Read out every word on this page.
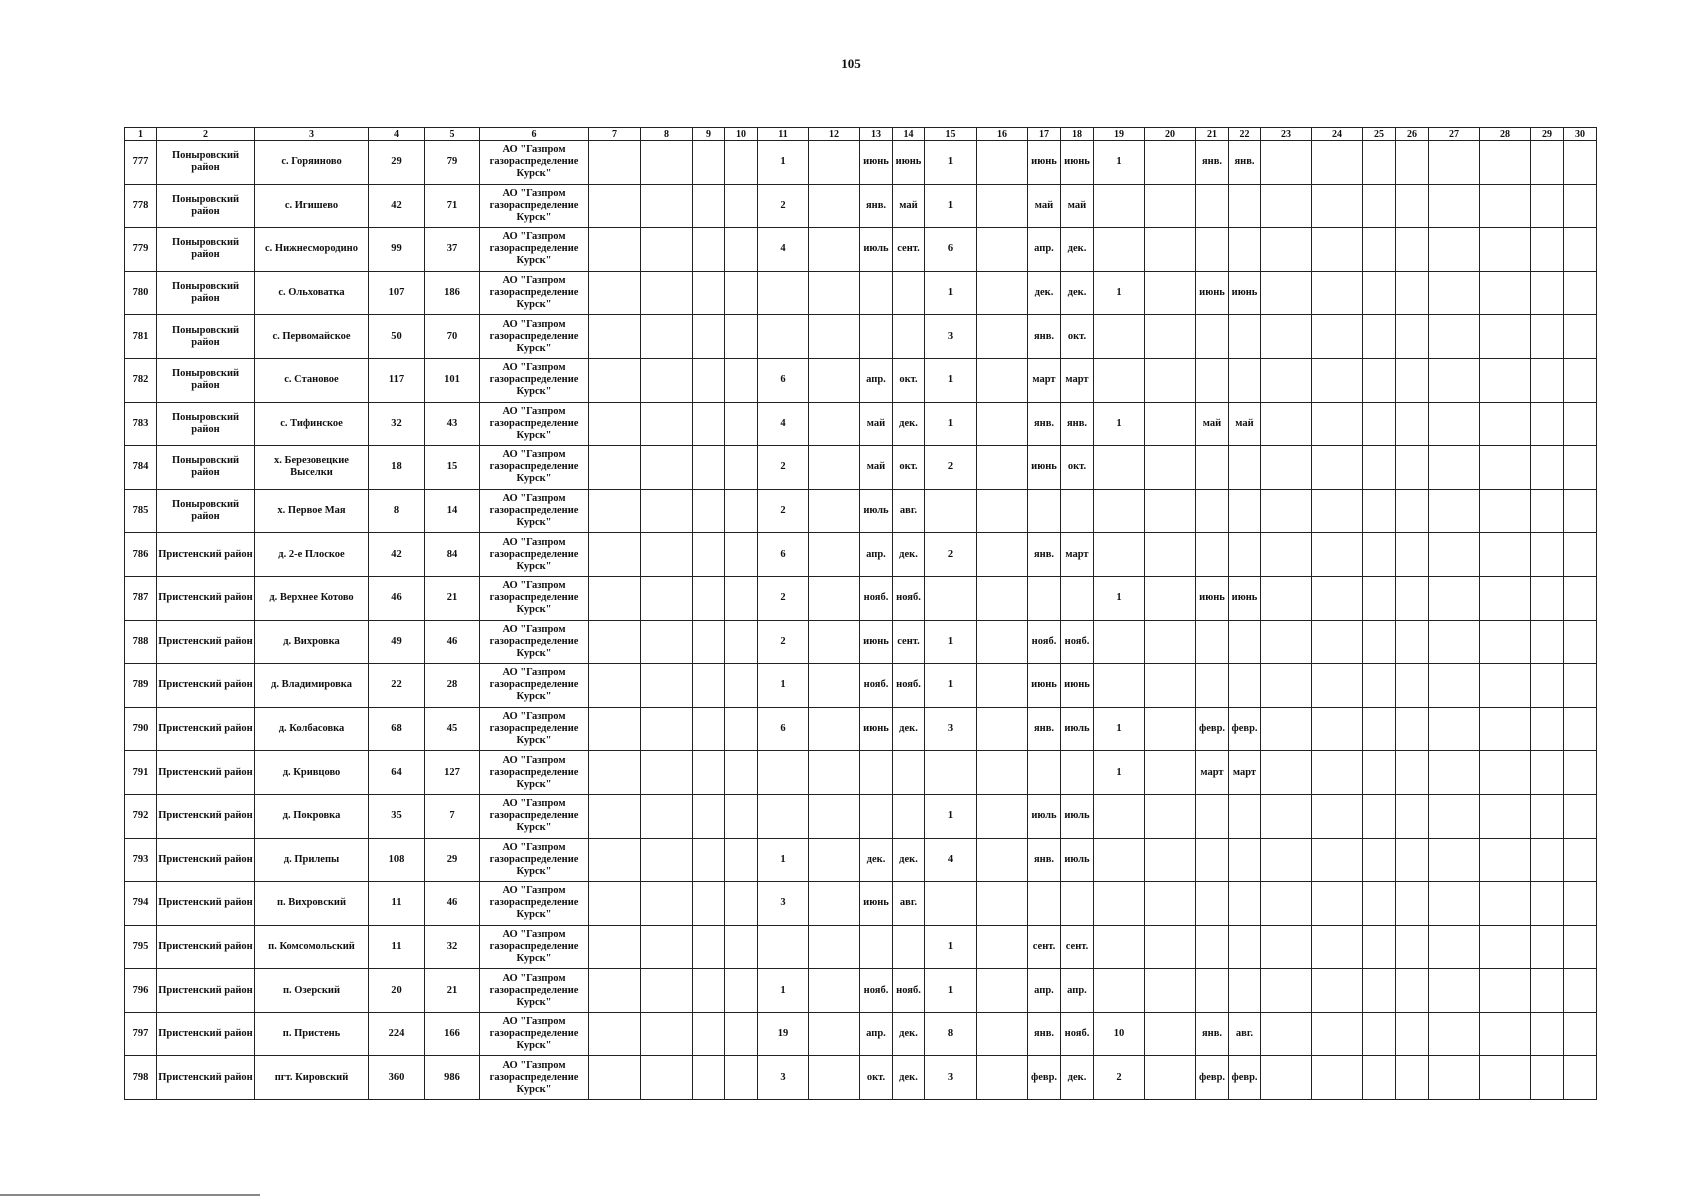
105
1	2	3	4	5	6	7	8	9	10	11	12	13	14	15	16	17	18	19	20	21	22	23	24	25	26	27	28	29	30
777	Поныровский район	с. Горяиново	29	79	АО "Газпром газораспределение Курск"					1		июнь	июнь	1		июнь	июнь	1		янв.	янв.								
778	Поныровский район	с. Игишево	42	71	АО "Газпром газораспределение Курск"					2		янв.	май	1		май	май												
779	Поныровский район	с. Нижнесмородино	99	37	АО "Газпром газораспределение Курск"					4		июль	сент.	6		апр.	дек.												
780	Поныровский район	с. Ольховатка	107	186	АО "Газпром газораспределение Курск"									1		дек.	дек.	1		июнь	июнь								
781	Поныровский район	с. Первомайское	50	70	АО "Газпром газораспределение Курск"									3		янв.	окт.												
782	Поныровский район	с. Становое	117	101	АО "Газпром газораспределение Курск"					6		апр.	окт.	1		март	март												
783	Поныровский район	с. Тифинское	32	43	АО "Газпром газораспределение Курск"					4		май	дек.	1		янв.	янв.	1		май	май								
784	Поныровский район	х. Березовецкие Выселки	18	15	АО "Газпром газораспределение Курск"					2		май	окт.	2		июнь	окт.												
785	Поныровский район	х. Первое Мая	8	14	АО "Газпром газораспределение Курск"					2		июль	авг.																
786	Пристенский район	д. 2-е Плоское	42	84	АО "Газпром газораспределение Курск"					6		апр.	дек.	2		янв.	март												
787	Пристенский район	д. Верхнее Котово	46	21	АО "Газпром газораспределение Курск"					2		нояб.	нояб.					1		июнь	июнь								
788	Пристенский район	д. Вихровка	49	46	АО "Газпром газораспределение Курск"					2		июнь	сент.	1		нояб.	нояб.												
789	Пристенский район	д. Владимировка	22	28	АО "Газпром газораспределение Курск"					1		нояб.	нояб.	1		июнь	июнь												
790	Пристенский район	д. Колбасовка	68	45	АО "Газпром газораспределение Курск"					6		июнь	дек.	3		янв.	июль	1		февр.	февр.								
791	Пристенский район	д. Кривцово	64	127	АО "Газпром газораспределение Курск"													1		март	март								
792	Пристенский район	д. Покровка	35	7	АО "Газпром газораспределение Курск"									1		июль	июль												
793	Пристенский район	д. Прилепы	108	29	АО "Газпром газораспределение Курск"					1		дек.	дек.	4		янв.	июль												
794	Пристенский район	п. Вихровский	11	46	АО "Газпром газораспределение Курск"					3		июнь	авг.																
795	Пристенский район	п. Комсомольский	11	32	АО "Газпром газораспределение Курск"									1		сент.	сент.												
796	Пристенский район	п. Озерский	20	21	АО "Газпром газораспределение Курск"					1		нояб.	нояб.	1		апр.	апр.												
797	Пристенский район	п. Пристень	224	166	АО "Газпром газораспределение Курск"					19		апр.	дек.	8		янв.	нояб.	10		янв.	авг.								
798	Пристенский район	пгт. Кировский	360	986	АО "Газпром газораспределение Курск"					3		окт.	дек.	3		февр.	дек.	2		февр.	февр.								
